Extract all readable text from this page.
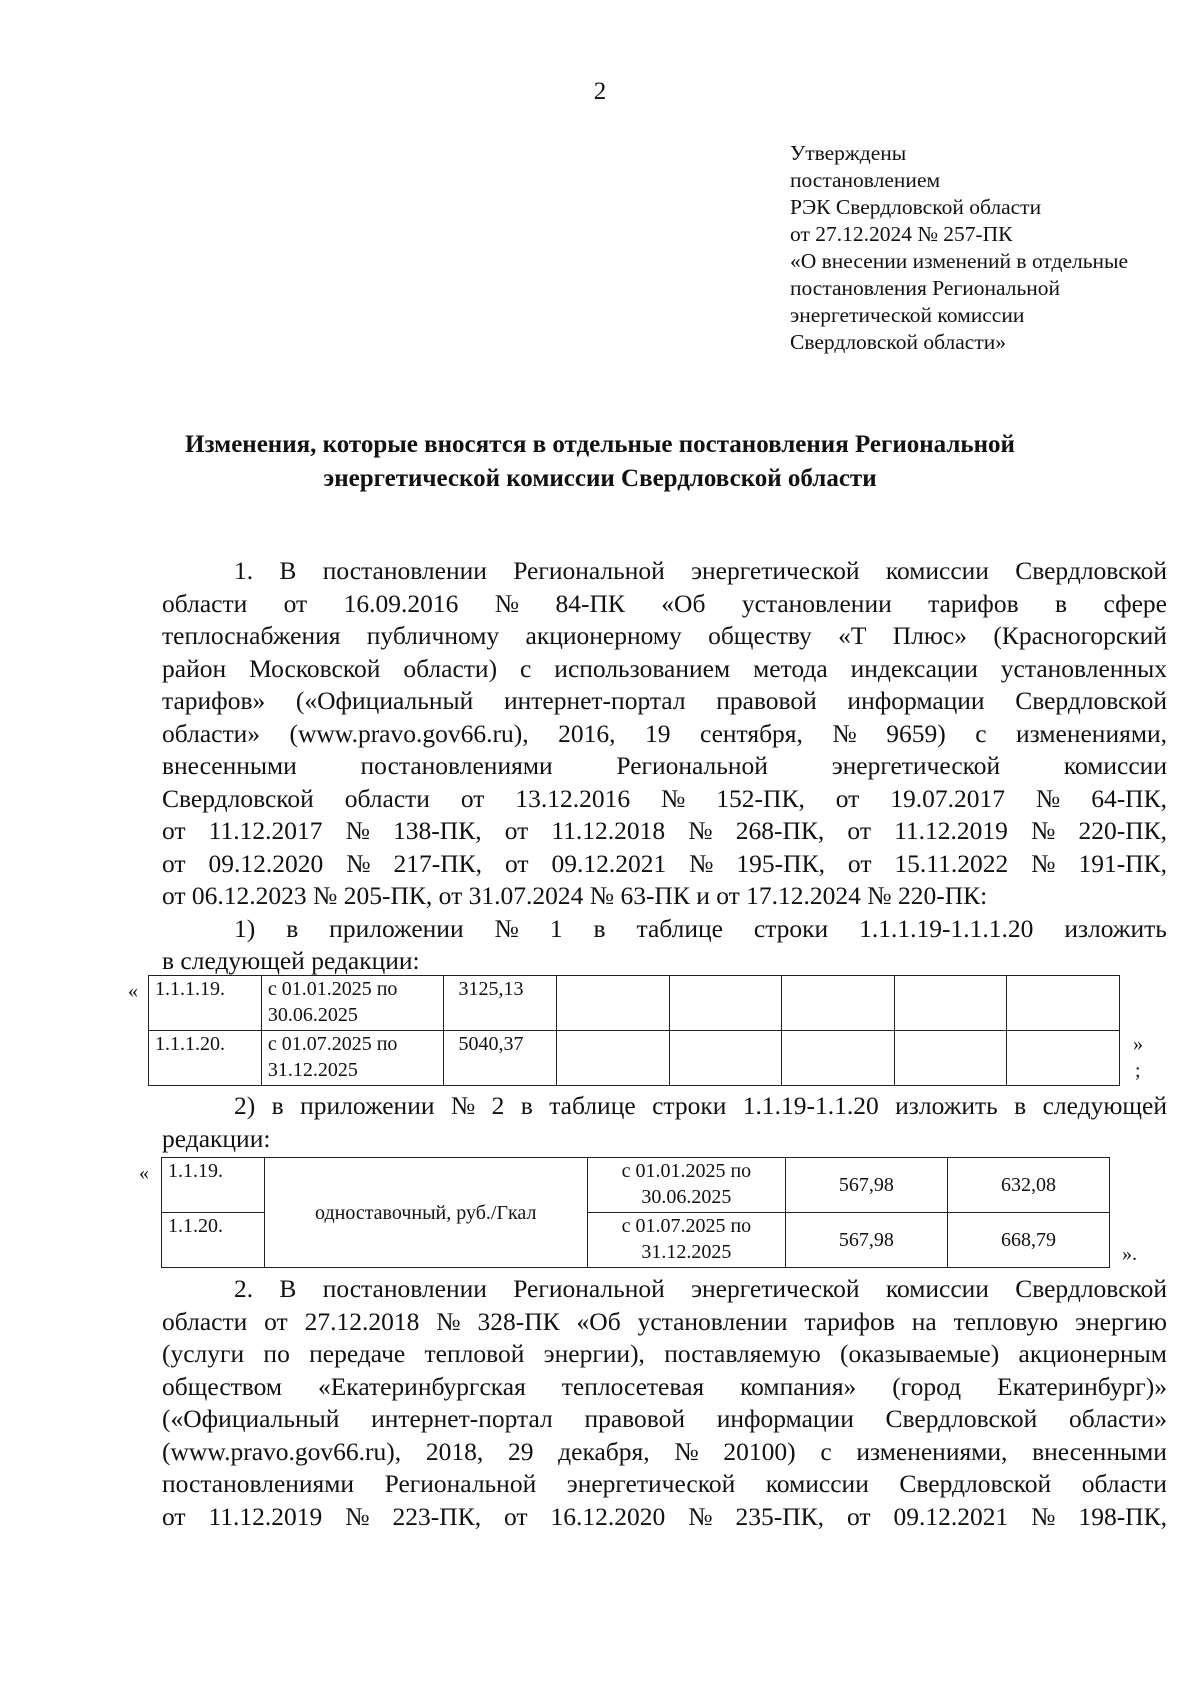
2
Утверждены
постановлением
РЭК Свердловской области
от 27.12.2024 № 257-ПК
«О внесении изменений в отдельные
постановления Региональной
энергетической комиссии
Свердловской области»
Изменения, которые вносятся в отдельные постановления Региональной
энергетической комиссии Свердловской области
1. В постановлении Региональной энергетической комиссии Свердловской
области от 16.09.2016 № 84-ПК «Об установлении тарифов в сфере
теплоснабжения публичному акционерному обществу «Т Плюс» (Красногорский
район Московской области) с использованием метода индексации установленных
тарифов» («Официальный интернет-портал правовой информации Свердловской
области» (www.pravo.gov66.ru), 2016, 19 сентября, № 9659) с изменениями,
внесенными постановлениями Региональной энергетической комиссии
Свердловской области от 13.12.2016 № 152-ПК, от 19.07.2017 № 64-ПК,
от 11.12.2017 № 138-ПК, от 11.12.2018 № 268-ПК, от 11.12.2019 № 220-ПК,
от 09.12.2020 № 217-ПК, от 09.12.2021 № 195-ПК, от 15.11.2022 № 191-ПК,
от 06.12.2023 № 205-ПК, от 31.07.2024 № 63-ПК и от 17.12.2024 № 220-ПК:
1) в приложении № 1 в таблице строки 1.1.1.19-1.1.1.20 изложить
в следующей редакции:
« 1.1.1.19.	с 01.01.2025 по
30.06.2025	3125,13					
1.1.1.20.	с 01.07.2025 по
31.12.2025	5040,37						»
;
2) в приложении № 2 в таблице строки 1.1.19-1.1.20 изложить в следующей
редакции:
« 1.1.19.	одноставочный, руб./Гкал	с 01.01.2025 по
30.06.2025	567,98	632,08
1.1.20.		с 01.07.2025 по
31.12.2025	567,98	668,79
».
2. В постановлении Региональной энергетической комиссии Свердловской
области от 27.12.2018 № 328-ПК «Об установлении тарифов на тепловую энергию
(услуги по передаче тепловой энергии), поставляемую (оказываемые) акционерным
обществом «Екатеринбургская теплосетевая компания» (город Екатеринбург)»
(«Официальный интернет-портал правовой информации Свердловской области»
(www.pravo.gov66.ru), 2018, 29 декабря, № 20100) с изменениями, внесенными
постановлениями Региональной энергетической комиссии Свердловской области
от 11.12.2019 № 223-ПК, от 16.12.2020 № 235-ПК, от 09.12.2021 № 198-ПК,
